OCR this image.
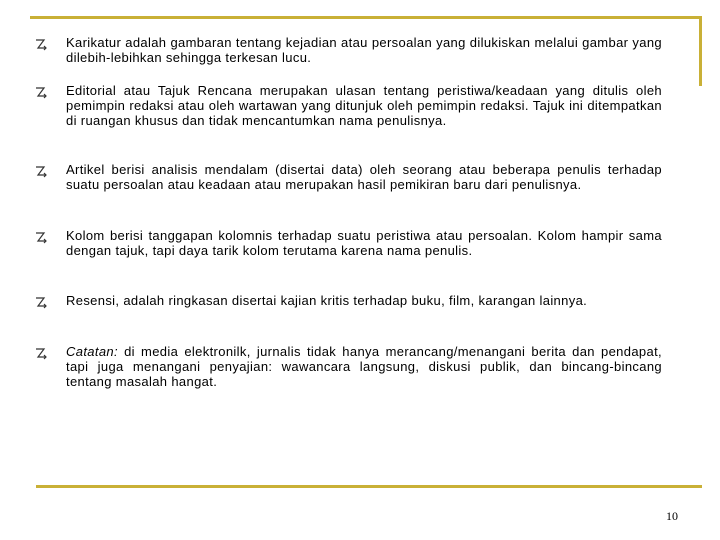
Karikatur adalah gambaran tentang kejadian atau persoalan yang dilukiskan melalui gambar yang dilebih-lebihkan sehingga terkesan lucu.
Editorial atau Tajuk Rencana merupakan ulasan tentang peristiwa/keadaan yang ditulis oleh pemimpin redaksi atau oleh wartawan yang ditunjuk oleh pemimpin redaksi. Tajuk ini ditempatkan di ruangan khusus dan tidak mencantumkan nama penulisnya.
Artikel berisi analisis mendalam (disertai data) oleh seorang atau beberapa penulis terhadap suatu persoalan atau keadaan atau merupakan hasil pemikiran baru dari penulisnya.
Kolom berisi tanggapan kolomnis terhadap suatu peristiwa atau persoalan. Kolom hampir sama dengan tajuk, tapi daya tarik kolom terutama karena nama penulis.
Resensi, adalah ringkasan disertai kajian kritis terhadap buku, film, karangan lainnya.
Catatan: di media elektronilk, jurnalis tidak hanya merancang/menangani berita dan pendapat, tapi juga menangani penyajian: wawancara langsung, diskusi publik, dan bincang-bincang tentang masalah hangat.
10
